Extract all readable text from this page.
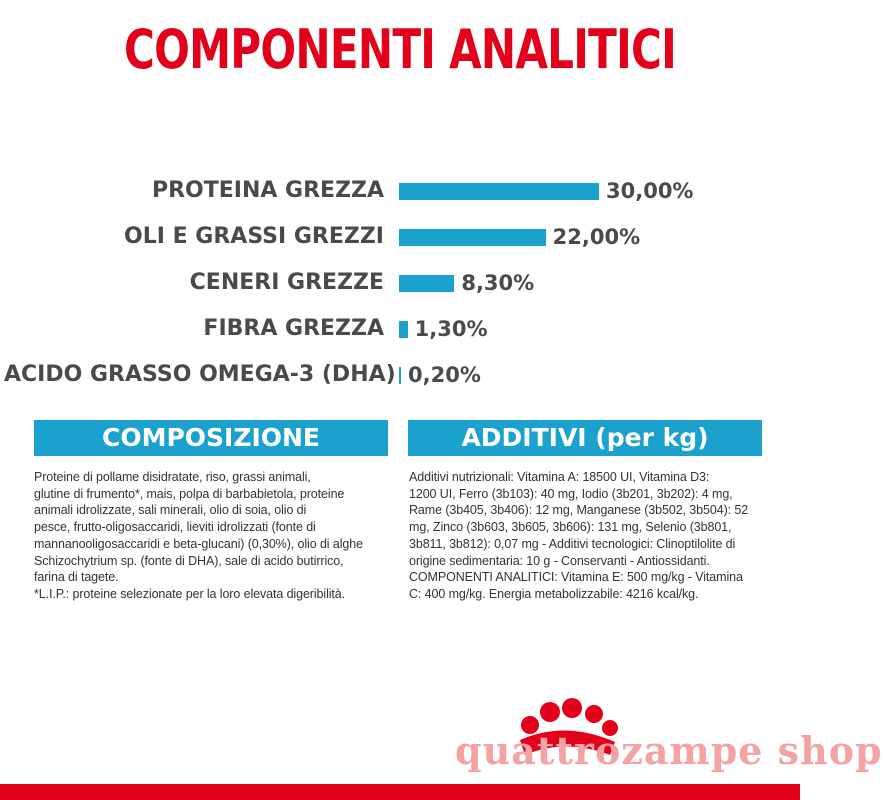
COMPONENTI ANALITICI
PROTEINA GREZZA	30,00%
OLI E GRASSI GREZZI	22,00%
CENERI GREZZE	8,30%
FIBRA GREZZA 1,30%
ACIDO GRASSO OMEGA-3 (DHA) 0,20%
COMPOSIZIONE	ADDITIVI (per kg)
Proteine di pollame disidratate, riso, grassi animali,
glutine di frumento*, mais, polpa di barbabietola, proteine
animali idrolizzate, sali minerali, olio di soia, olio di
pesce, frutto-oligosaccaridi, lieviti idrolizzati (fonte di
mannanooligosaccaridi e beta-glucani) (0,30%), olio di alghe
Schizochytrium sp. (fonte di DHA), sale di acido butirrico,
farina di tagete.
*L.I.P.: proteine selezionate per la loro elevata digeribilità.
Additivi nutrizionali: Vitamina A: 18500 UI, Vitamina D3:
1200 UI, Ferro (3b103): 40 mg, Iodio (3b201, 3b202): 4 mg,
Rame (3b405, 3b406): 12 mg, Manganese (3b502, 3b504): 52
mg, Zinco (3b603, 3b605, 3b606): 131 mg, Selenio (3b801,
3b811, 3b812): 0,07 mg - Additivi tecnologici: Clinoptilolite di
origine sedimentaria: 10 g - Conservanti - Antiossidanti.
COMPONENTI ANALITICI: Vitamina E: 500 mg/kg - Vitamina
C: 400 mg/kg. Energia metabolizzabile: 4216 kcal/kg.
quattrozampe shop
